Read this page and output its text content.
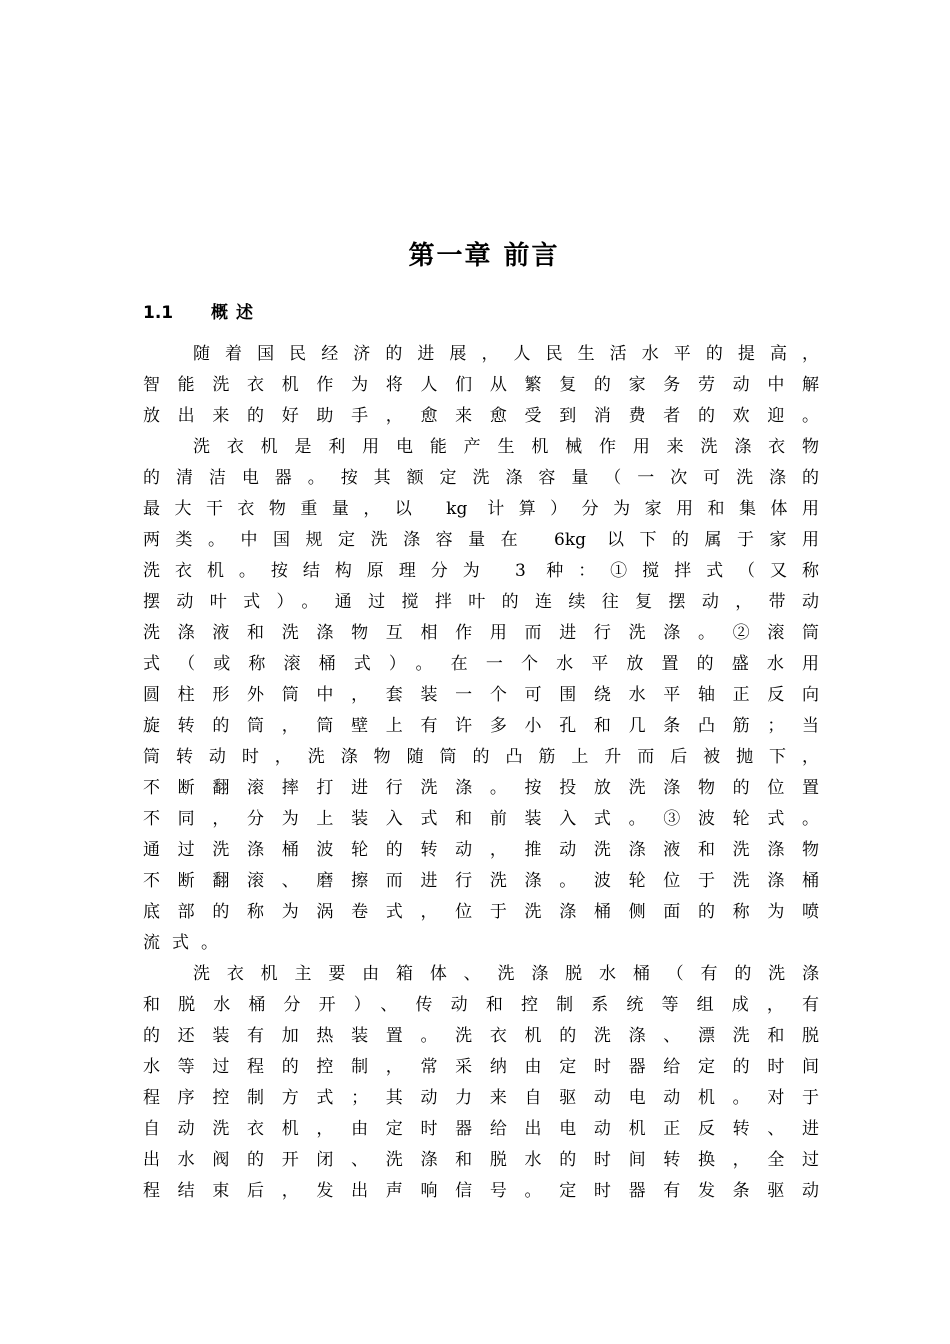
第一章 前言
1.1 概述
随着国民经济的进展，人民生活水平的提高，
智能洗衣机作为将人们从繁复的家务劳动中解
放出来的好助手，愈来愈受到消费者的欢迎。
洗衣机是利用电能产生机械作用来洗涤衣物
的清洁电器。按其额定洗涤容量（一次可洗涤的
最大干衣物重量，以 kg 计算）分为家用和集体用
两类。中国规定洗涤容量在 6kg 以下的属于家用
洗衣机。按结构原理分为 3 种：①搅拌式（又称
摆动叶式）。通过搅拌叶的连续往复摆动，带动
洗涤液和洗涤物互相作用而进行洗涤。②滚筒
式（或称滚桶式）。在一个水平放置的盛水用
圆柱形外筒中，套装一个可围绕水平轴正反向
旋转的筒，筒壁上有许多小孔和几条凸筋；当
筒转动时，洗涤物随筒的凸筋上升而后被抛下，
不断翻滚摔打进行洗涤。按投放洗涤物的位置
不同，分为上装入式和前装入式。③波轮式。
通过洗涤桶波轮的转动，推动洗涤液和洗涤物
不断翻滚、磨擦而进行洗涤。波轮位于洗涤桶
底部的称为涡卷式，位于洗涤桶侧面的称为喷
流式。
洗衣机主要由箱体、洗涤脱水桶（有的洗涤
和脱水桶分开）、传动和控制系统等组成，有
的还装有加热装置。洗衣机的洗涤、漂洗和脱
水等过程的控制，常采纳由定时器给定的时间
程序控制方式；其动力来自驱动电动机。对于
自动洗衣机，由定时器给出电动机正反转、进
出水阀的开闭、洗涤和脱水的时间转换，全过
程结束后，发出声响信号。定时器有发条驱动
